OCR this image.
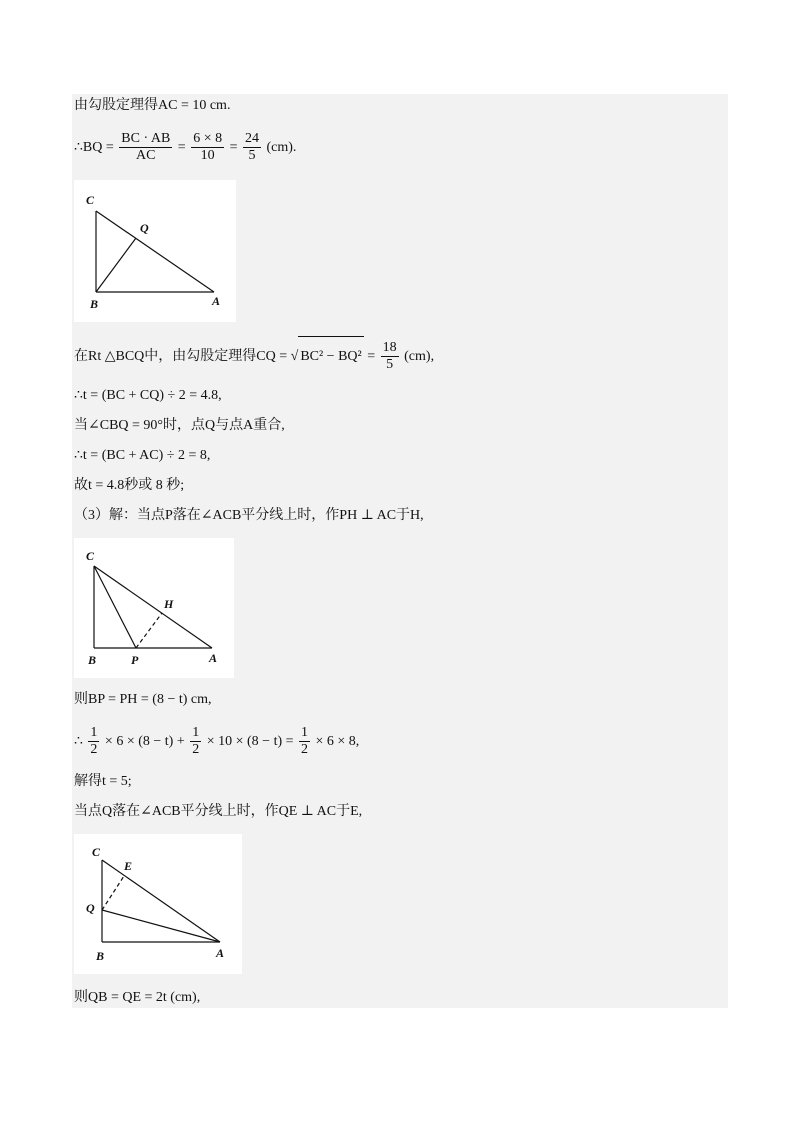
由勾股定理得AC = 10 cm.
∴BQ = $\frac{BC \cdot AB}{AC} = \frac{6 \times 8}{10} = \frac{24}{5} (cm)$.
C
Q
B	A
在Rt △BCQ中，由勾股定理得CQ = √ $BC^2 - BQ^2 = \frac{18}{5} (cm)$,
∴t = (BC + CQ) ÷ 2 = 4.8,
当∠CBQ = 90°时，点Q与点A重合,
∴t = (BC + AC) ÷ 2 = 8,
故t = 4.8秒或 8 秒;
（3）解：当点P落在∠ACB平分线上时，作PH ⊥ AC于H,
C
H
B	P	A
则BP = PH = (8 − t) cm,
∴ $\frac{1}{2} \times 6 \times (8 - t) + \frac{1}{2} \times 10 \times (8 - t) = \frac{1}{2} \times 6 \times 8$,
解得t = 5;
当点Q落在∠ACB平分线上时，作QE ⊥ AC于E,
C
E
Q
B	A
则QB = QE = 2t (cm),
